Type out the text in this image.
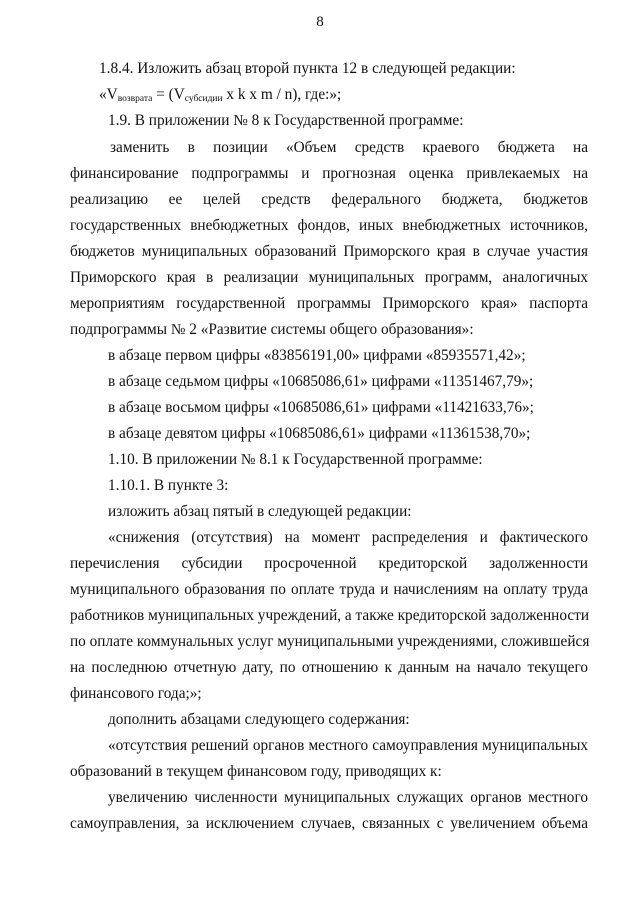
8
1.8.4. Изложить абзац второй пункта 12 в следующей редакции:
«$V_{возврата} = (V_{субсидии}$ x k x m / n), где:»;
1.9. В приложении № 8 к Государственной программе:
заменить в позиции «Объем средств краевого бюджета на
финансирование подпрограммы и прогнозная оценка привлекаемых на
реализацию ее целей средств федерального бюджета, бюджетов
государственных внебюджетных фондов, иных внебюджетных источников,
бюджетов муниципальных образований Приморского края в случае участия
Приморского края в реализации муниципальных программ, аналогичных
мероприятиям государственной программы Приморского края» паспорта
подпрограммы № 2 «Развитие системы общего образования»:
в абзаце первом цифры «83856191,00» цифрами «85935571,42»;
в абзаце седьмом цифры «10685086,61» цифрами «11351467,79»;
в абзаце восьмом цифры «10685086,61» цифрами «11421633,76»;
в абзаце девятом цифры «10685086,61» цифрами «11361538,70»;
1.10. В приложении № 8.1 к Государственной программе:
1.10.1. В пункте 3:
изложить абзац пятый в следующей редакции:
«снижения (отсутствия) на момент распределения и фактического
перечисления субсидии просроченной кредиторской задолженности
муниципального образования по оплате труда и начислениям на оплату труда
работников муниципальных учреждений, а также кредиторской задолженности
по оплате коммунальных услуг муниципальными учреждениями, сложившейся
на последнюю отчетную дату, по отношению к данным на начало текущего
финансового года;»;
дополнить абзацами следующего содержания:
«отсутствия решений органов местного самоуправления муниципальных
образований в текущем финансовом году, приводящих к:
увеличению численности муниципальных служащих органов местного
самоуправления, за исключением случаев, связанных с увеличением объема
